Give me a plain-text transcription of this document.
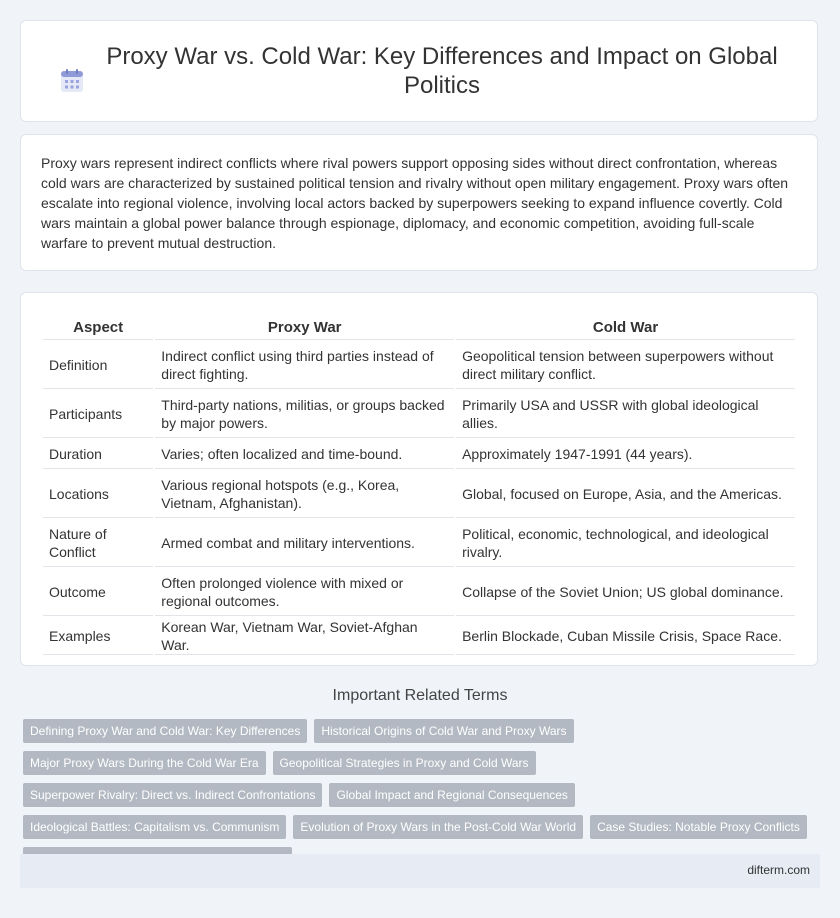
Proxy War vs. Cold War: Key Differences and Impact on Global Politics

Proxy wars represent indirect conflicts where rival powers support opposing sides without direct confrontation, whereas cold wars are characterized by sustained political tension and rivalry without open military engagement. Proxy wars often escalate into regional violence, involving local actors backed by superpowers seeking to expand influence covertly. Cold wars maintain a global power balance through espionage, diplomacy, and economic competition, avoiding full-scale warfare to prevent mutual destruction.

Aspect	Proxy War	Cold War
Definition	Indirect conflict using third parties instead of direct fighting.	Geopolitical tension between superpowers without direct military conflict.
Participants	Third-party nations, militias, or groups backed by major powers.	Primarily USA and USSR with global ideological allies.
Duration	Varies; often localized and time-bound.	Approximately 1947-1991 (44 years).
Locations	Various regional hotspots (e.g., Korea, Vietnam, Afghanistan).	Global, focused on Europe, Asia, and the Americas.
Nature of Conflict	Armed combat and military interventions.	Political, economic, technological, and ideological rivalry.
Outcome	Often prolonged violence with mixed or regional outcomes.	Collapse of the Soviet Union; US global dominance.
Examples	Korean War, Vietnam War, Soviet-Afghan War.	Berlin Blockade, Cuban Missile Crisis, Space Race.
Important Related Terms
Defining Proxy War and Cold War: Key Differences	Historical Origins of Cold War and Proxy Wars
Major Proxy Wars During the Cold War Era	Geopolitical Strategies in Proxy and Cold Wars
Superpower Rivalry: Direct vs. Indirect Confrontations	Global Impact and Regional Consequences
Ideological Battles: Capitalism vs. Communism	Evolution of Proxy Wars in the Post-Cold War World	Case Studies: Notable Proxy Conflicts
difterm.com
